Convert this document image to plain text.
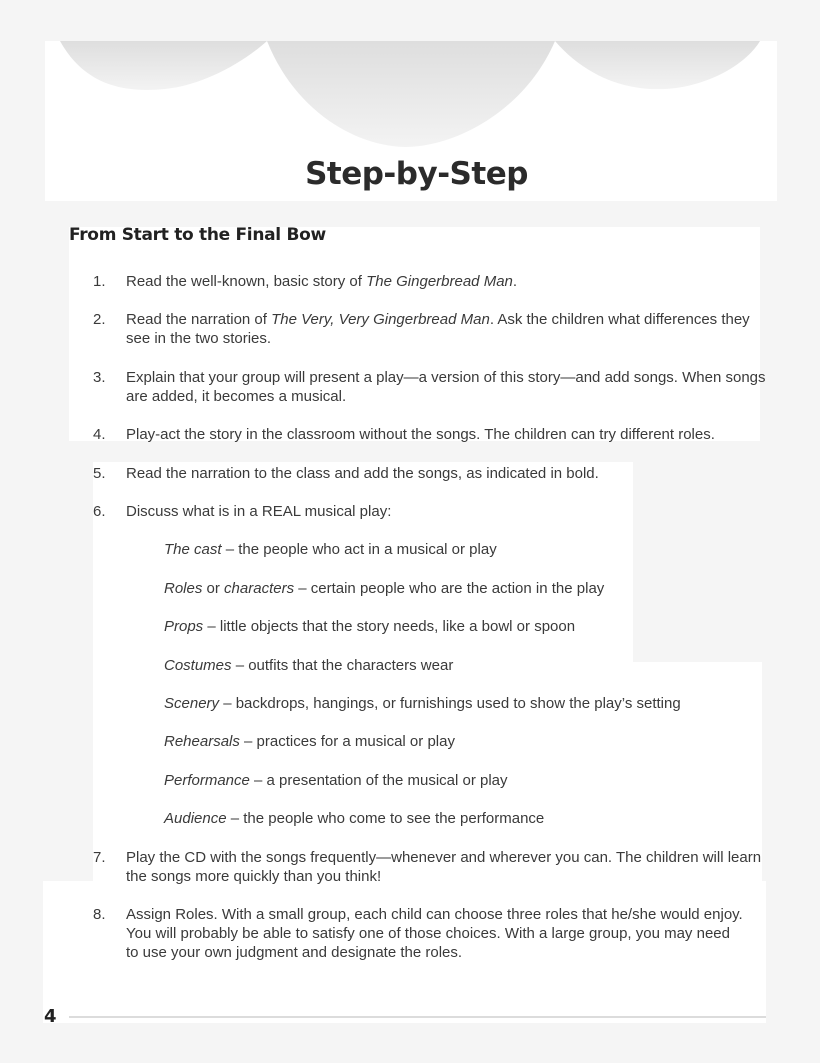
Step-by-Step
From Start to the Final Bow
1. Read the well-known, basic story of The Gingerbread Man.
2. Read the narration of The Very, Very Gingerbread Man. Ask the children what differences they see in the two stories.
3. Explain that your group will present a play—a version of this story—and add songs. When songs are added, it becomes a musical.
4. Play-act the story in the classroom without the songs. The children can try different roles.
5. Read the narration to the class and add the songs, as indicated in bold.
6. Discuss what is in a REAL musical play:
The cast – the people who act in a musical or play
Roles or characters – certain people who are the action in the play
Props – little objects that the story needs, like a bowl or spoon
Costumes – outfits that the characters wear
Scenery – backdrops, hangings, or furnishings used to show the play’s setting
Rehearsals – practices for a musical or play
Performance – a presentation of the musical or play
Audience – the people who come to see the performance
7. Play the CD with the songs frequently—whenever and wherever you can. The children will learn the songs more quickly than you think!
8. Assign Roles. With a small group, each child can choose three roles that he/she would enjoy. You will probably be able to satisfy one of those choices. With a large group, you may need to use your own judgment and designate the roles.
4
